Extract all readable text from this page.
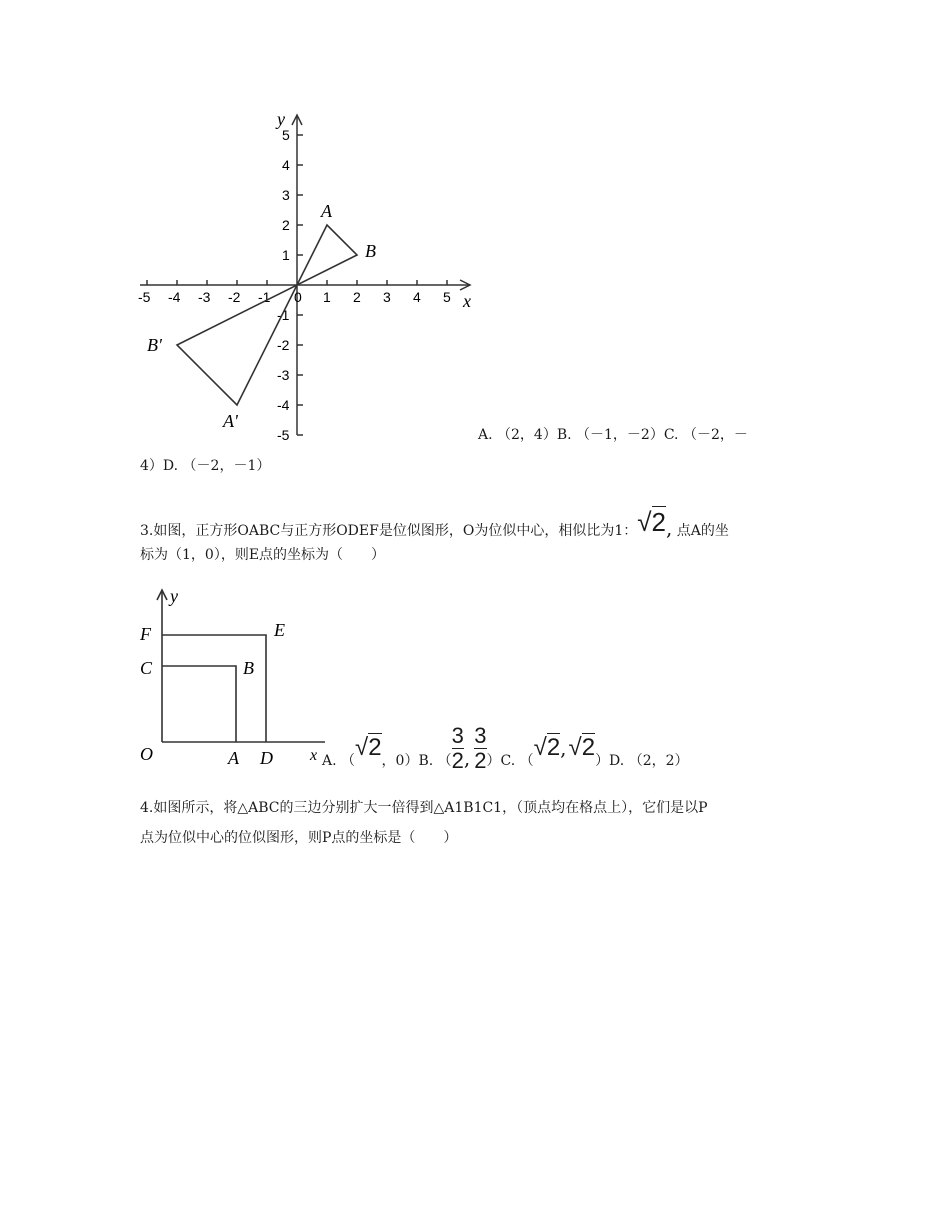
-5 -4 -3 -2 -1 0 1 2 3 4 5
1
2
3
4
5
-1
-2
-3
-4
-5
A
B
A'
B'
x
y
A. （2，4）B. （－1，－2）C. （－2，－
4）D. （－2，－1）
3.如图，正方形OABC与正方形ODEF是位似图形，O为位似中心，相似比为1：√2, 点A的坐
标为（1，0），则E点的坐标为（　　）
y
F	E
C	B
O	A D x A. （ √2 ，0）B. （ $\frac{3}{2}$ , $\frac{3}{2} )C$. （ √2 , √2 ）D. （2，2）
4.如图所示，将△ABC的三边分别扩大一倍得到△A1B1C1，（顶点均在格点上），它们是以P
点为位似中心的位似图形，则P点的坐标是（　　）
